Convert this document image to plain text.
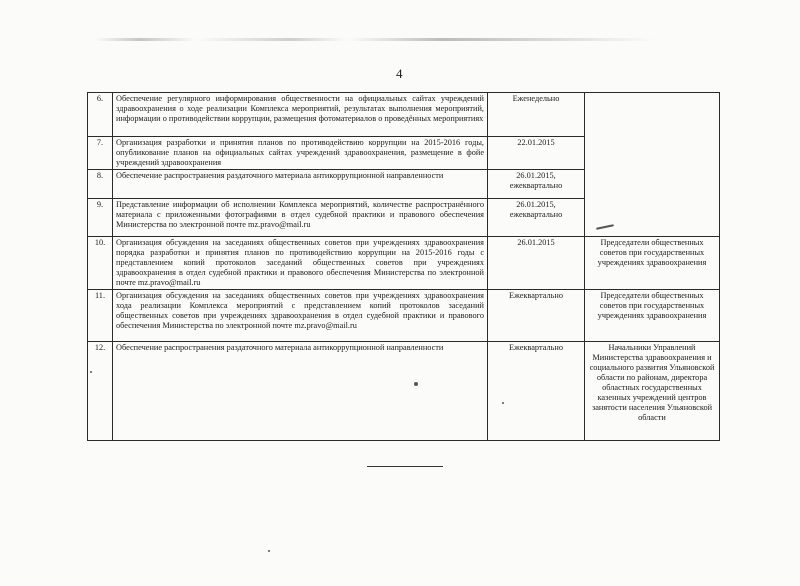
4
6.	Обеспечение регулярного информирования общественности на официальных сайтах учреждений здравоохранения о ходе реализации Комплекса мероприятий, результатах выполнения мероприятий, информации о противодействии коррупции, размещения фотоматериалов о проведённых мероприятиях	Еженедельно	
7.	Организация разработки и принятия планов по противодействию коррупции на 2015-2016 годы, опубликование планов на официальных сайтах учреждений здравоохранения, размещение в фойе учреждений здравоохранения	22.01.2015	
8.	Обеспечение распространения раздаточного материала антикоррупционной направленности	26.01.2015, ежеквартально	
9.	Представление информации об исполнении Комплекса мероприятий, количестве распространённого материала с приложенными фотографиями в отдел судебной практики и правового обеспечения Министерства по электронной почте mz.pravo@mail.ru	26.01.2015, ежеквартально	
10.	Организация обсуждения на заседаниях общественных советов при учреждениях здравоохранения порядка разработки и принятия планов по противодействию коррупции на 2015-2016 годы с представлением копий протоколов заседаний общественных советов при учреждениях здравоохранения в отдел судебной практики и правового обеспечения Министерства по электронной почте mz.pravo@mail.ru	26.01.2015	Председатели общественных советов при государственных учреждениях здравоохранения
11.	Организация обсуждения на заседаниях общественных советов при учреждениях здравоохранения хода реализации Комплекса мероприятий с представлением копий протоколов заседаний общественных советов при учреждениях здравоохранения в отдел судебной практики и правового обеспечения Министерства по электронной почте mz.pravo@mail.ru	Ежеквартально	Председатели общественных советов при государственных учреждениях здравоохранения
12.	Обеспечение распространения раздаточного материала антикоррупционной направленности	Ежеквартально	Начальники Управлений Министерства здравоохранения и социального развития Ульяновской области по районам, директора областных государственных казенных учреждений центров занятости населения Ульяновской области
